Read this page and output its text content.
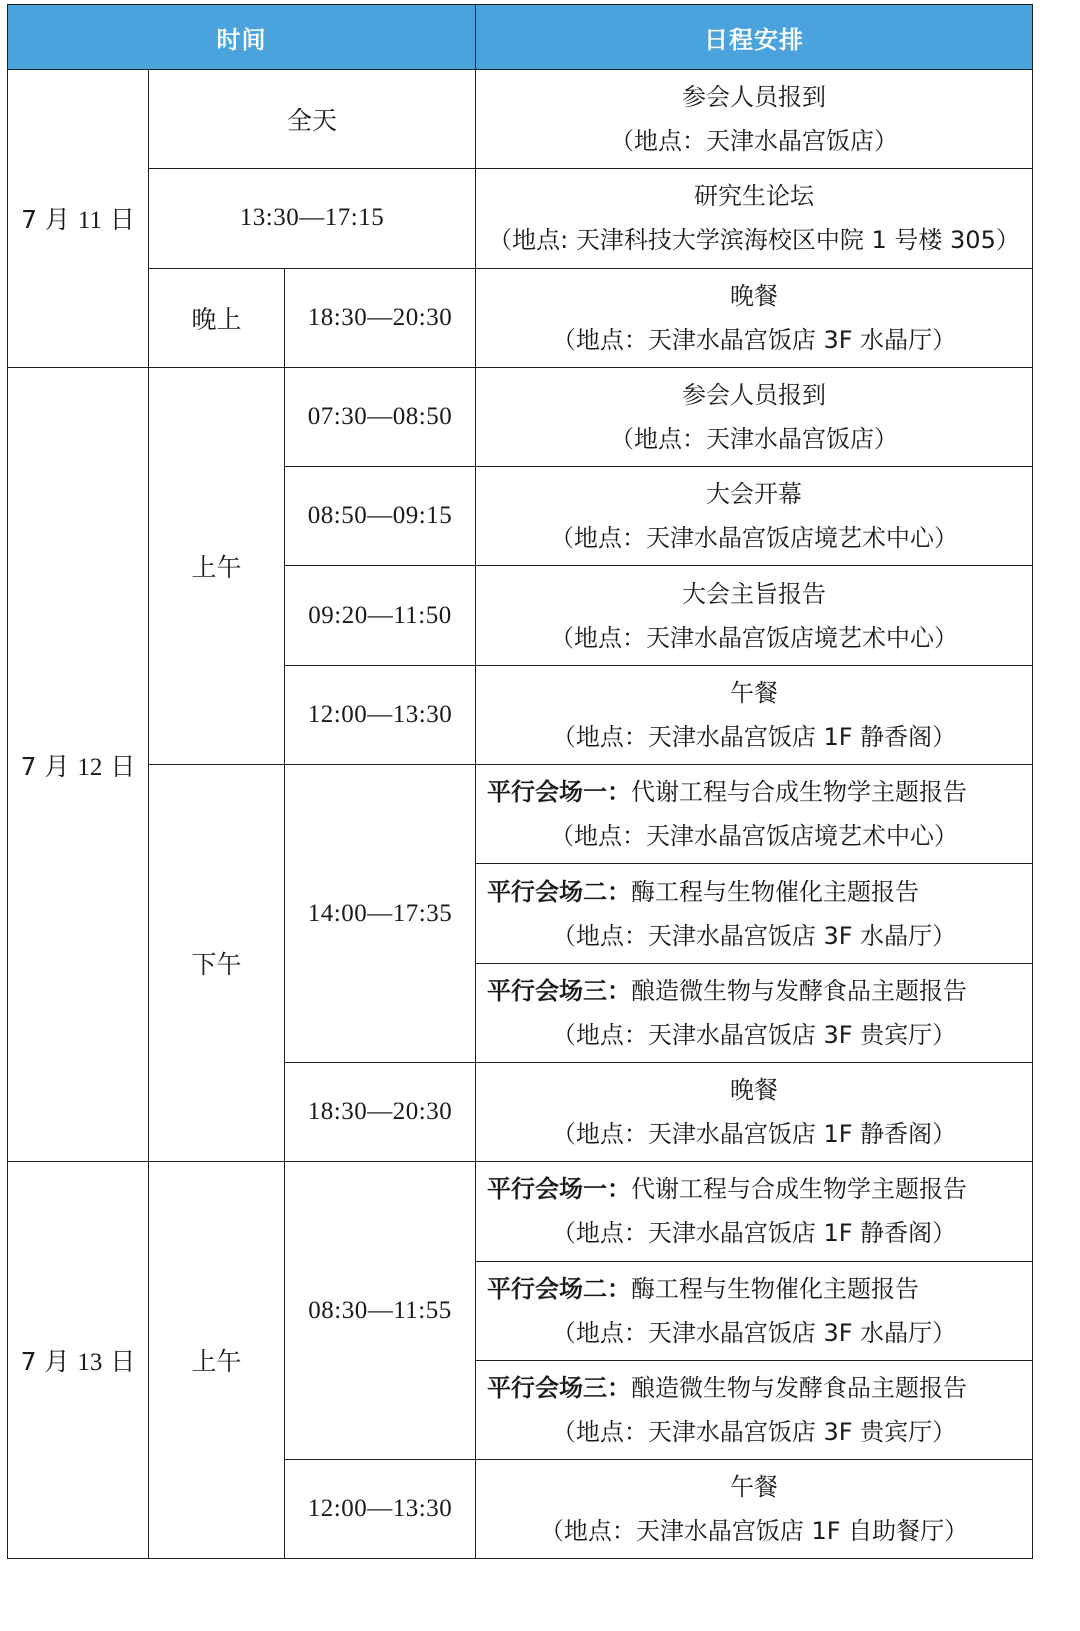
时间			日程安排
7 月 11 日	全天		参会人员报到
（地点：天津水晶宫饭店）

	13:30—17:15		研究生论坛
（地点: 天津科技大学滨海校区中院 1 号楼 305）

	晚上	18:30—20:30	晚餐
（地点：天津水晶宫饭店 3F 水晶厅）

7 月 12 日	上午	07:30—08:50	参会人员报到
（地点：天津水晶宫饭店）

		08:50—09:15	大会开幕
（地点：天津水晶宫饭店境艺术中心）

		09:20—11:50	大会主旨报告
（地点：天津水晶宫饭店境艺术中心）

		12:00—13:30	午餐
（地点：天津水晶宫饭店 1F 静香阁）

	下午	14:00—17:35	平行会场一：代谢工程与合成生物学主题报告
（地点：天津水晶宫饭店境艺术中心）

			平行会场二：酶工程与生物催化主题报告
（地点：天津水晶宫饭店 3F 水晶厅）

			平行会场三：酿造微生物与发酵食品主题报告
（地点：天津水晶宫饭店 3F 贵宾厅）

		18:30—20:30	晚餐
（地点：天津水晶宫饭店 1F 静香阁）

7 月 13 日	上午	08:30—11:55	平行会场一：代谢工程与合成生物学主题报告
（地点：天津水晶宫饭店 1F 静香阁）

			平行会场二：酶工程与生物催化主题报告
（地点：天津水晶宫饭店 3F 水晶厅）

			平行会场三：酿造微生物与发酵食品主题报告
（地点：天津水晶宫饭店 3F 贵宾厅）

		12:00—13:30	午餐
（地点：天津水晶宫饭店 1F 自助餐厅）
